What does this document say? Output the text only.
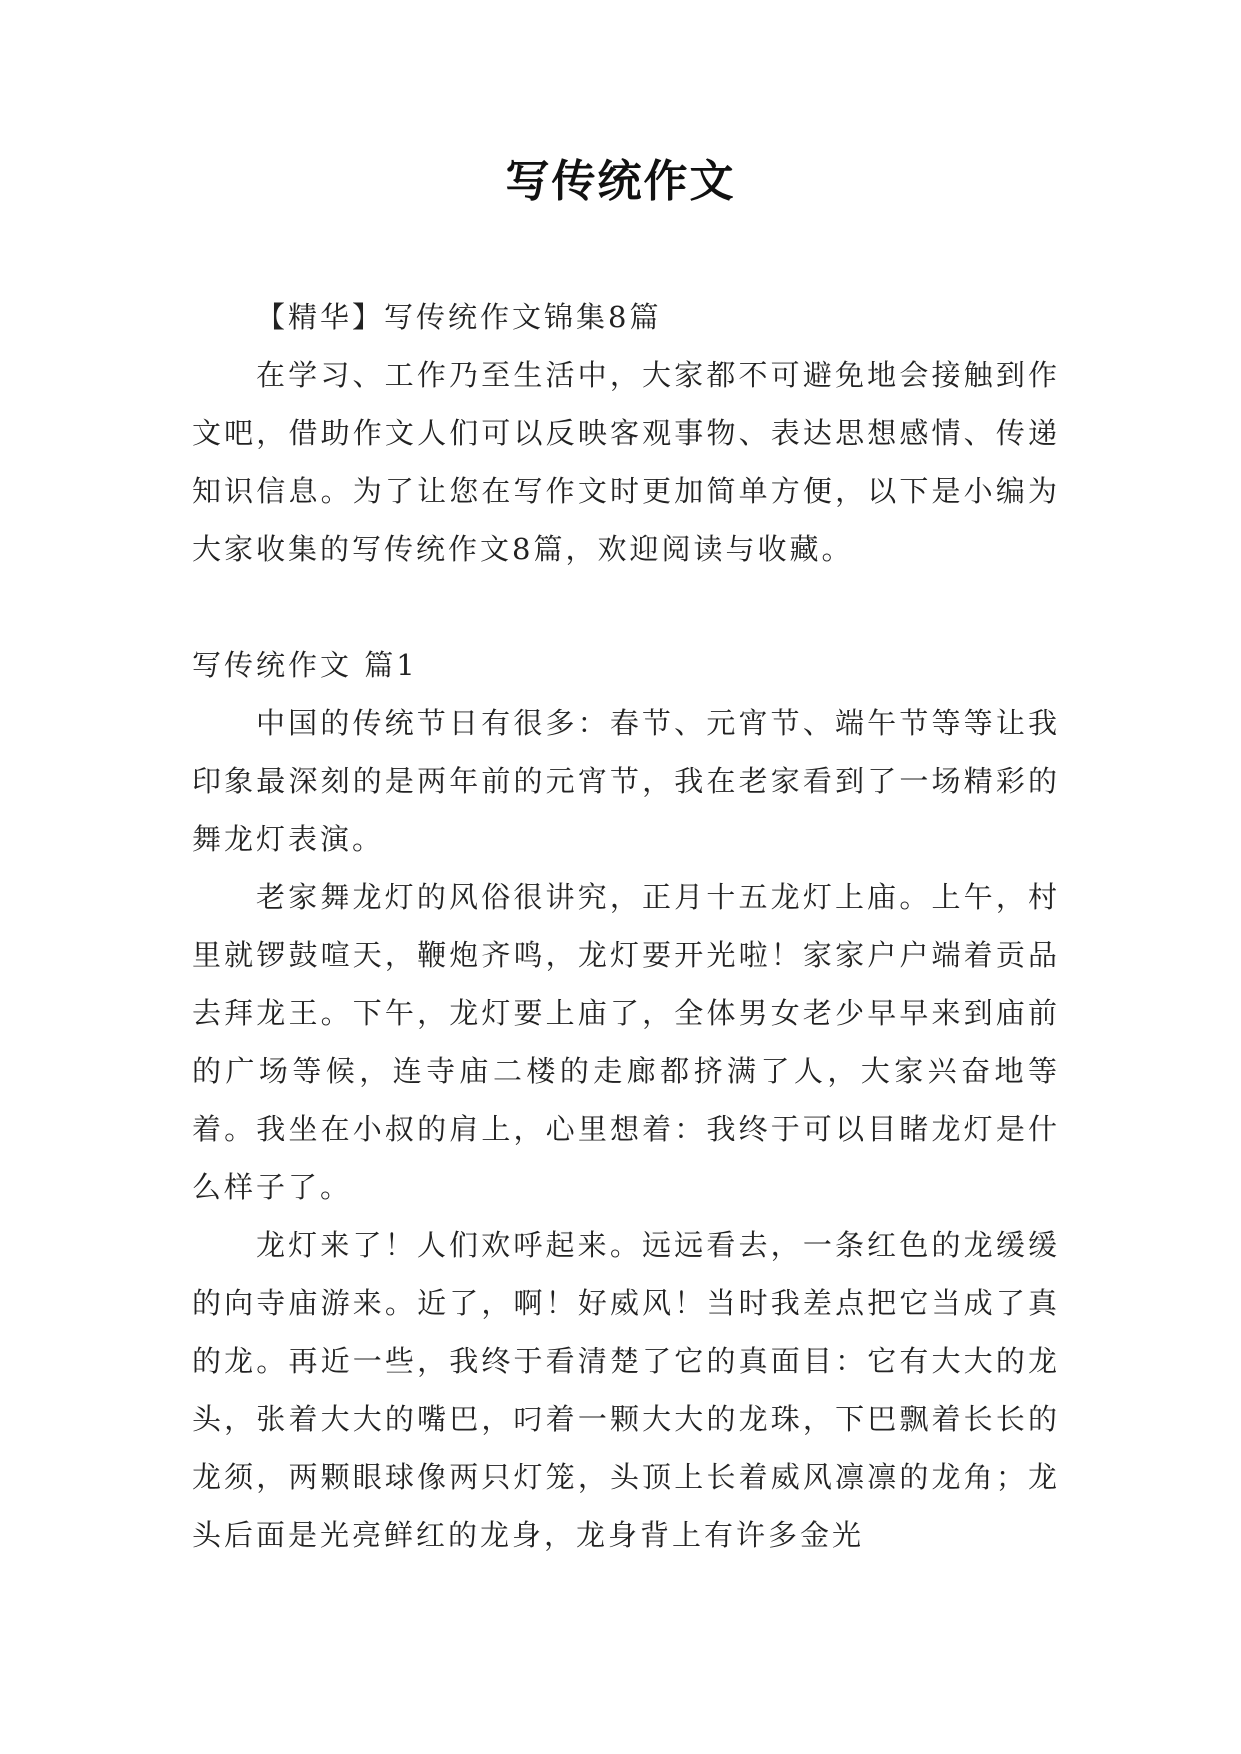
写传统作文

【精华】写传统作文锦集8篇

在学习、工作乃至生活中，大家都不可避免地会接触到作文吧，借助作文人们可以反映客观事物、表达思想感情、传递知识信息。为了让您在写作文时更加简单方便，以下是小编为大家收集的写传统作文8篇，欢迎阅读与收藏。

写传统作文 篇1

中国的传统节日有很多：春节、元宵节、端午节等等让我印象最深刻的是两年前的元宵节，我在老家看到了一场精彩的舞龙灯表演。

老家舞龙灯的风俗很讲究，正月十五龙灯上庙。上午，村里就锣鼓喧天，鞭炮齐鸣，龙灯要开光啦！家家户户端着贡品去拜龙王。下午，龙灯要上庙了，全体男女老少早早来到庙前的广场等候，连寺庙二楼的走廊都挤满了人，大家兴奋地等着。我坐在小叔的肩上，心里想着：我终于可以目睹龙灯是什么样子了。

龙灯来了！人们欢呼起来。远远看去，一条红色的龙缓缓的向寺庙游来。近了，啊！好威风！当时我差点把它当成了真的龙。再近一些，我终于看清楚了它的真面目：它有大大的龙头，张着大大的嘴巴，叼着一颗大大的龙珠，下巴飘着长长的龙须，两颗眼球像两只灯笼，头顶上长着威风凛凛的龙角；龙头后面是光亮鲜红的龙身，龙身背上有许多金光
